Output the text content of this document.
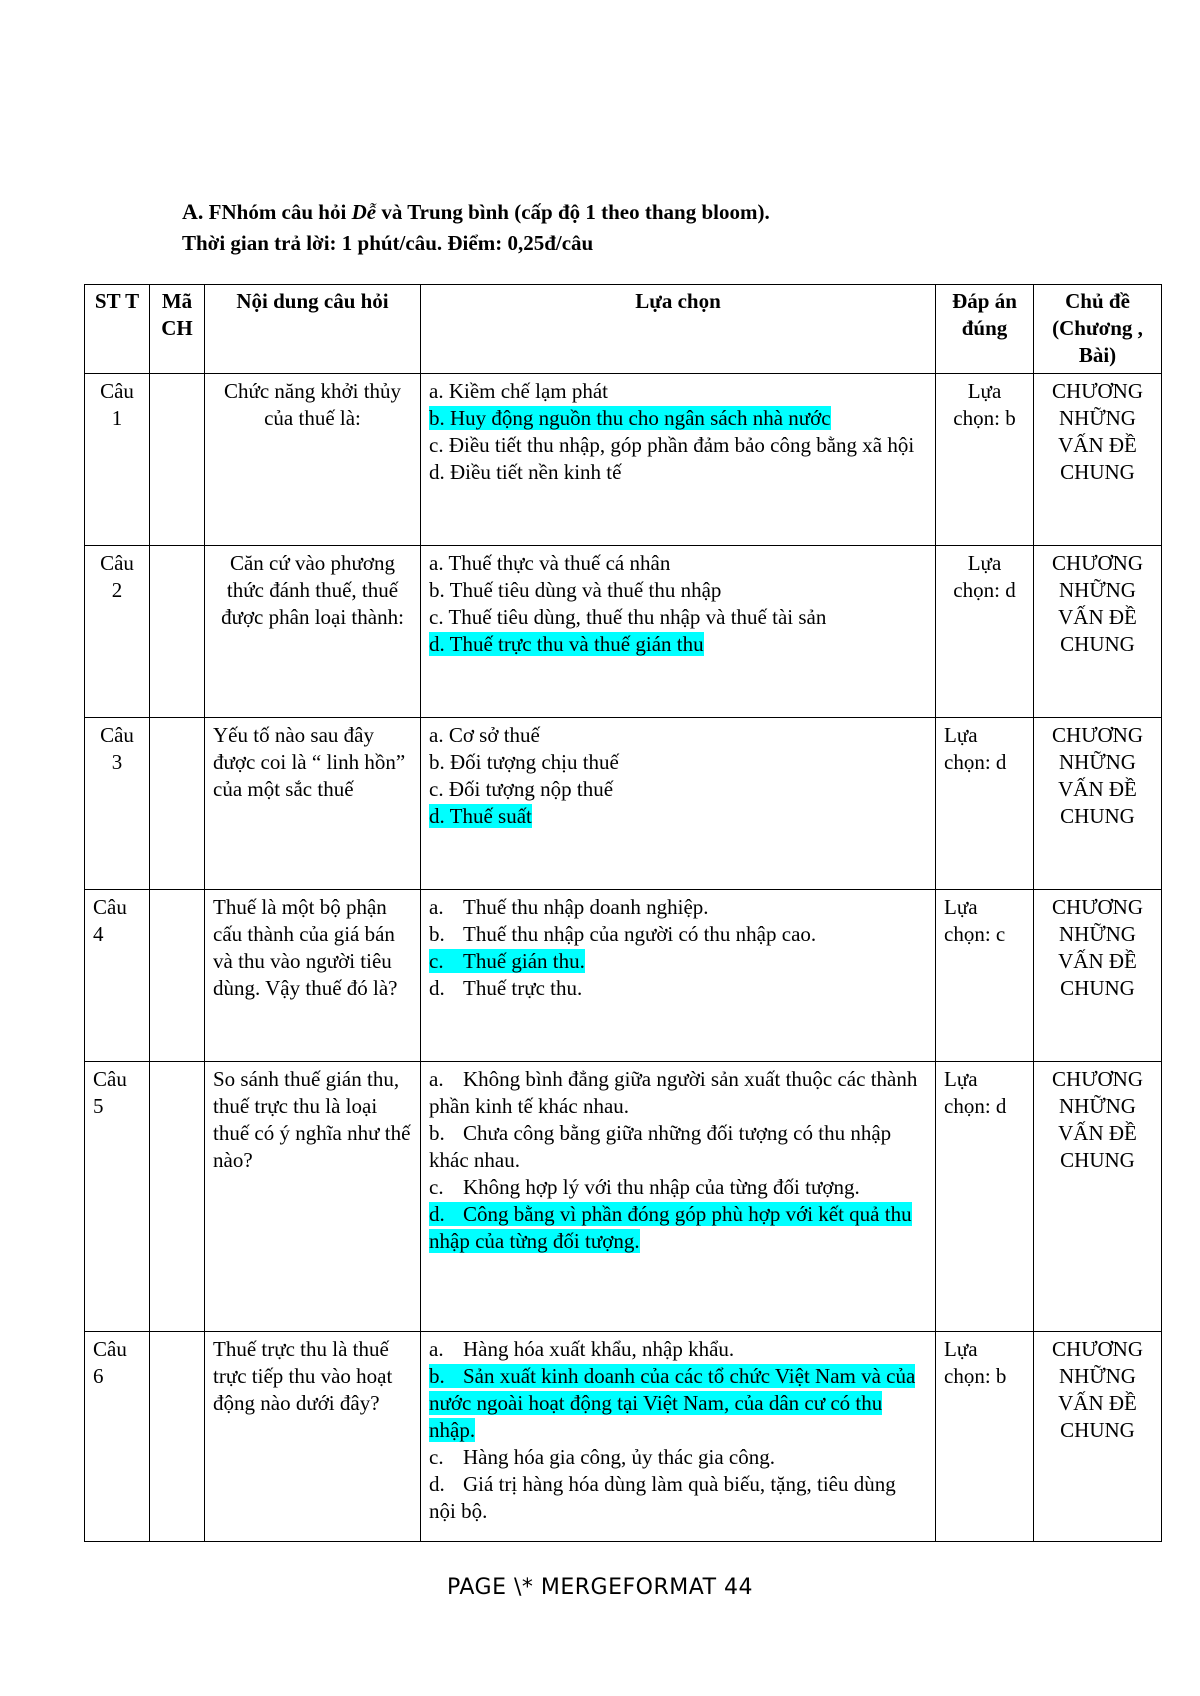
A. FNhóm câu hỏi Dễ và Trung bình (cấp độ 1 theo thang bloom).
Thời gian trả lời: 1 phút/câu. Điểm: 0,25đ/câu
ST T	Mã CH	Nội dung câu hỏi	Lựa chọn	Đáp án đúng	Chủ đề (Chương , Bài)
Câu 1		Chức năng khởi thủy của thuế là:	a. Kiềm chế lạm phát
b. Huy động nguồn thu cho ngân sách nhà nước
c. Điều tiết thu nhập, góp phần đảm bảo công bằng xã hội
d. Điều tiết nền kinh tế	Lựa chọn: b	CHƯƠNG NHỮNG VẤN ĐỀ CHUNG
Câu 2		Căn cứ vào phương thức đánh thuế, thuế được phân loại thành:	a. Thuế thực và thuế cá nhân
b. Thuế tiêu dùng và thuế thu nhập
c. Thuế tiêu dùng, thuế thu nhập và thuế tài sản
d. Thuế trực thu và thuế gián thu	Lựa chọn: d	CHƯƠNG NHỮNG VẤN ĐỀ CHUNG
Câu 3		Yếu tố nào sau đây được coi là “ linh hồn” của một sắc thuế	a. Cơ sở thuế
b. Đối tượng chịu thuế
c. Đối tượng nộp thuế
d. Thuế suất	Lựa chọn: d	CHƯƠNG NHỮNG VẤN ĐỀ CHUNG
Câu 4		Thuế là một bộ phận cấu thành của giá bán và thu vào người tiêu dùng. Vậy thuế đó là?	a. Thuế thu nhập doanh nghiệp.
b. Thuế thu nhập của người có thu nhập cao.
c. Thuế gián thu.
d. Thuế trực thu.	Lựa chọn: c	CHƯƠNG NHỮNG VẤN ĐỀ CHUNG
Câu 5		So sánh thuế gián thu, thuế trực thu là loại thuế có ý nghĩa như thế nào?	a. Không bình đẳng giữa người sản xuất thuộc các thành phần kinh tế khác nhau.
b. Chưa công bằng giữa những đối tượng có thu nhập khác nhau.
c. Không hợp lý với thu nhập của từng đối tượng.
d. Công bằng vì phần đóng góp phù hợp với kết quả thu nhập của từng đối tượng.	Lựa chọn: d	CHƯƠNG NHỮNG VẤN ĐỀ CHUNG
Câu 6		Thuế trực thu là thuế trực tiếp thu vào hoạt động nào dưới đây?	a. Hàng hóa xuất khẩu, nhập khẩu.
b. Sản xuất kinh doanh của các tổ chức Việt Nam và của nước ngoài hoạt động tại Việt Nam, của dân cư có thu nhập.
c. Hàng hóa gia công, ủy thác gia công.
d. Giá trị hàng hóa dùng làm quà biếu, tặng, tiêu dùng nội bộ.	Lựa chọn: b	CHƯƠNG NHỮNG VẤN ĐỀ CHUNG
PAGE \* MERGEFORMAT 44
